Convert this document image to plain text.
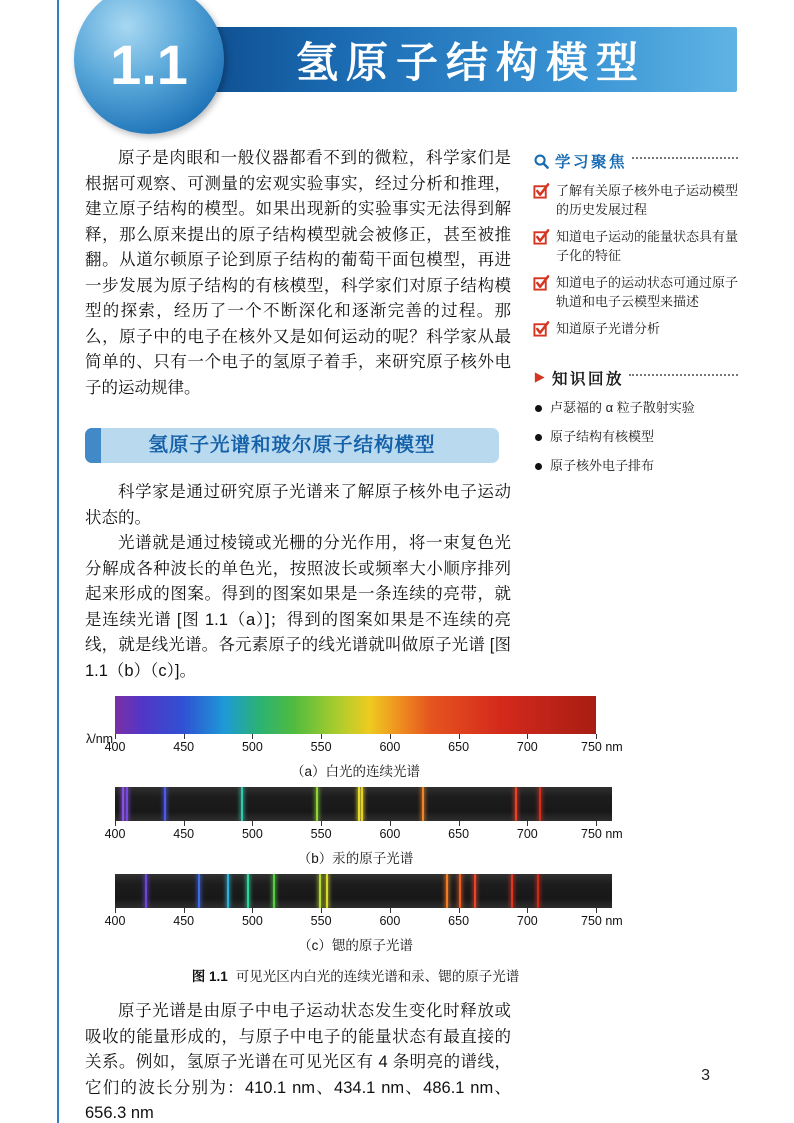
1.1	氢原子结构模型

原子是肉眼和一般仪器都看不到的微粒，科学家们是根据可观察、可测量的宏观实验事实，经过分析和推理，建立原子结构的模型。如果出现新的实验事实无法得到解释，那么原来提出的原子结构模型就会被修正，甚至被推翻。从道尔顿原子论到原子结构的葡萄干面包模型，再进一步发展为原子结构的有核模型，科学家们对原子结构模型的探索，经历了一个不断深化和逐渐完善的过程。那么，原子中的电子在核外又是如何运动的呢？科学家从最简单的、只有一个电子的氢原子着手，来研究原子核外电子的运动规律。

氢原子光谱和玻尔原子结构模型

科学家是通过研究原子光谱来了解原子核外电子运动状态的。

光谱就是通过棱镜或光栅的分光作用，将一束复色光分解成各种波长的单色光，按照波长或频率大小顺序排列起来形成的图案。得到的图案如果是一条连续的亮带，就是连续光谱 [图 1.1（a）]；得到的图案如果是不连续的亮线，就是线光谱。各元素原子的线光谱就叫做原子光谱 [图 1.1（b）（c）]。

λ/nm
400	450	500	550	600	650	700	750 nm
（a）白光的连续光谱
400	450	500	550	600	650	700	750 nm
（b）汞的原子光谱
400	450	500	550	600	650	700	750 nm
（c）锶的原子光谱
图 1.1 可见光区内白光的连续光谱和汞、锶的原子光谱

原子光谱是由原子中电子运动状态发生变化时释放或吸收的能量形成的，与原子中电子的能量状态有最直接的关系。例如，氢原子光谱在可见光区有 4 条明亮的谱线，它们的波长分别为：410.1 nm、434.1 nm、486.1 nm、656.3 nm

学习聚焦
了解有关原子核外电子运动模型的历史发展过程
知道电子运动的能量状态具有量子化的特征
知道电子的运动状态可通过原子轨道和电子云模型来描述
知道原子光谱分析
知识回放
卢瑟福的 α 粒子散射实验
原子结构有核模型
原子核外电子排布
3
